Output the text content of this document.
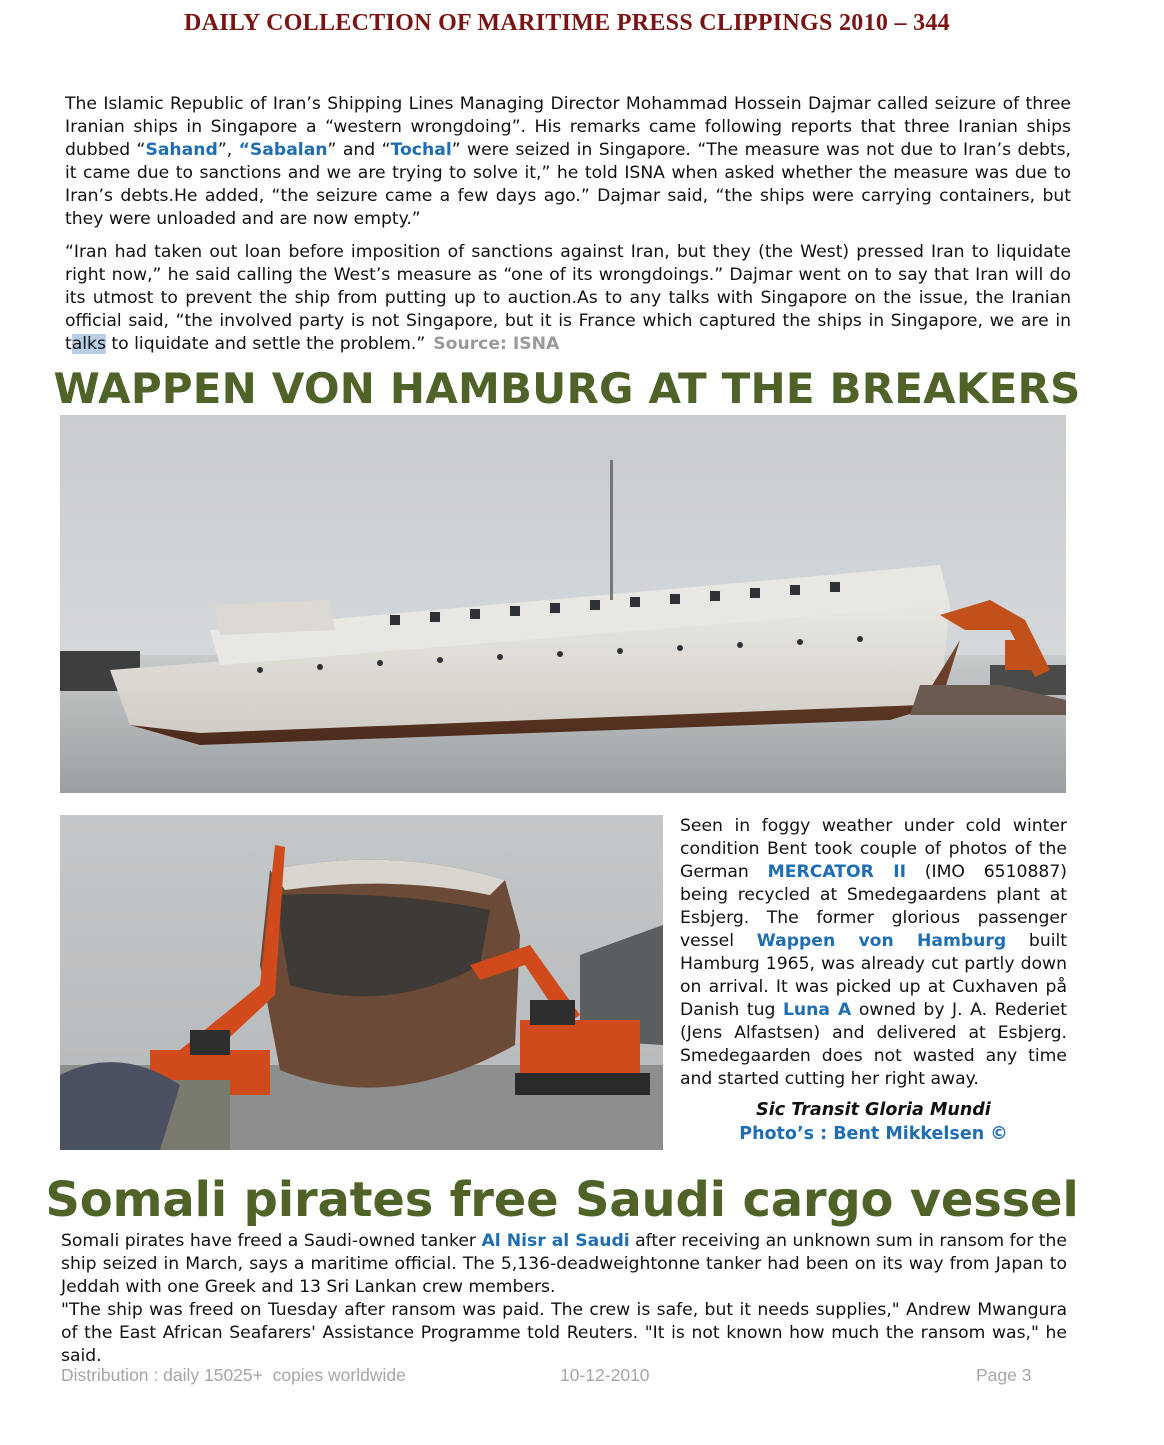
DAILY COLLECTION OF MARITIME PRESS CLIPPINGS 2010 – 344

The Islamic Republic of Iran’s Shipping Lines Managing Director Mohammad Hossein Dajmar called seizure of three Iranian ships in Singapore a “western wrongdoing”. His remarks came following reports that three Iranian ships dubbed “Sahand”, “Sabalan” and “Tochal” were seized in Singapore. “The measure was not due to Iran’s debts, it came due to sanctions and we are trying to solve it,” he told ISNA when asked whether the measure was due to Iran’s debts.He added, “the seizure came a few days ago.” Dajmar said, “the ships were carrying containers, but they were unloaded and are now empty.”

“Iran had taken out loan before imposition of sanctions against Iran, but they (the West) pressed Iran to liquidate right now,” he said calling the West’s measure as “one of its wrongdoings.” Dajmar went on to say that Iran will do its utmost to prevent the ship from putting up to auction.As to any talks with Singapore on the issue, the Iranian official said, “the involved party is not Singapore, but it is France which captured the ships in Singapore, we are in talks to liquidate and settle the problem.” Source: ISNA

WAPPEN VON HAMBURG AT THE BREAKERS

Seen in foggy weather under cold winter condition Bent took couple of photos of the German MERCATOR II (IMO 6510887) being recycled at Smedegaardens plant at Esbjerg. The former glorious passenger vessel Wappen von Hamburg built Hamburg 1965, was already cut partly down on arrival. It was picked up at Cuxhaven på Danish tug Luna A owned by J. A. Rederiet (Jens Alfastsen) and delivered at Esbjerg. Smedegaarden does not wasted any time and started cutting her right away.

Sic Transit Gloria Mundi
Photo’s : Bent Mikkelsen ©
Somali pirates free Saudi cargo vessel

Somali pirates have freed a Saudi-owned tanker Al Nisr al Saudi after receiving an unknown sum in ransom for the ship seized in March, says a maritime official. The 5,136-deadweightonne tanker had been on its way from Japan to Jeddah with one Greek and 13 Sri Lankan crew members.
"The ship was freed on Tuesday after ransom was paid. The crew is safe, but it needs supplies," Andrew Mwangura of the East African Seafarers' Assistance Programme told Reuters. "It is not known how much the ransom was," he said.

Distribution : daily 15025+  copies worldwide	10-12-2010	Page 3
